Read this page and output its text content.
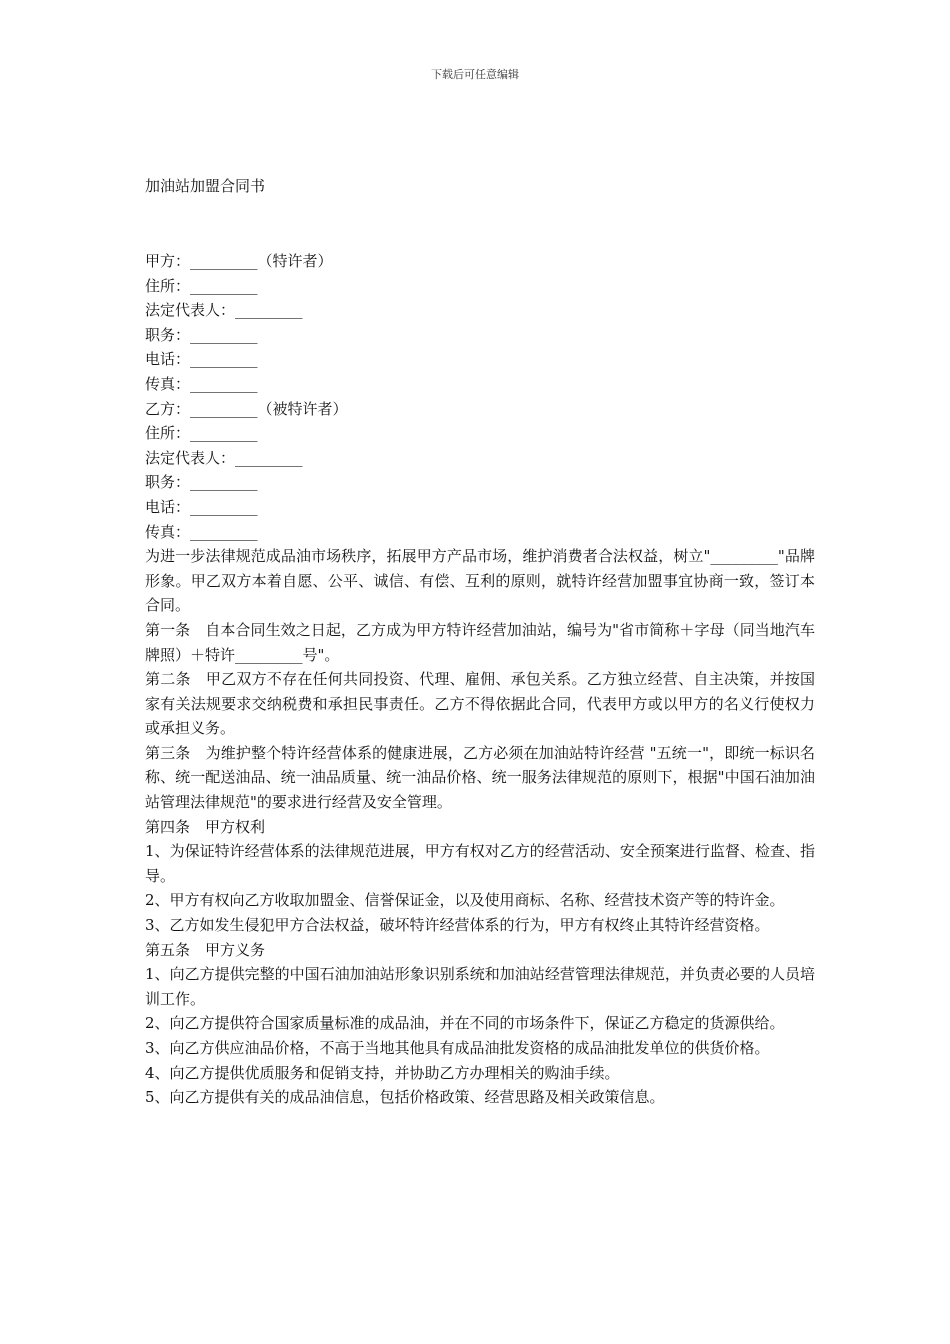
下载后可任意编辑
加油站加盟合同书

甲方：_________（特许者）

住所：_________

法定代表人：_________

职务：_________

电话：_________

传真：_________

乙方：_________（被特许者）

住所：_________

法定代表人：_________

职务：_________

电话：_________

传真：_________

为进一步法律规范成品油市场秩序，拓展甲方产品市场，维护消费者合法权益，树立"_________"品牌形象。甲乙双方本着自愿、公平、诚信、有偿、互利的原则，就特许经营加盟事宜协商一致，签订本合同。

第一条　自本合同生效之日起，乙方成为甲方特许经营加油站，编号为"省市简称＋字母（同当地汽车牌照）＋特许_________号"。

第二条　甲乙双方不存在任何共同投资、代理、雇佣、承包关系。乙方独立经营、自主决策，并按国家有关法规要求交纳税费和承担民事责任。乙方不得依据此合同，代表甲方或以甲方的名义行使权力或承担义务。

第三条　为维护整个特许经营体系的健康进展，乙方必须在加油站特许经营 "五统一"，即统一标识名称、统一配送油品、统一油品质量、统一油品价格、统一服务法律规范的原则下，根据"中国石油加油站管理法律规范"的要求进行经营及安全管理。

第四条　甲方权利

1、为保证特许经营体系的法律规范进展，甲方有权对乙方的经营活动、安全预案进行监督、检查、指导。

2、甲方有权向乙方收取加盟金、信誉保证金，以及使用商标、名称、经营技术资产等的特许金。

3、乙方如发生侵犯甲方合法权益，破坏特许经营体系的行为，甲方有权终止其特许经营资格。

第五条　甲方义务

1、向乙方提供完整的中国石油加油站形象识别系统和加油站经营管理法律规范，并负责必要的人员培训工作。

2、向乙方提供符合国家质量标准的成品油，并在不同的市场条件下，保证乙方稳定的货源供给。

3、向乙方供应油品价格，不高于当地其他具有成品油批发资格的成品油批发单位的供货价格。

4、向乙方提供优质服务和促销支持，并协助乙方办理相关的购油手续。

5、向乙方提供有关的成品油信息，包括价格政策、经营思路及相关政策信息。
